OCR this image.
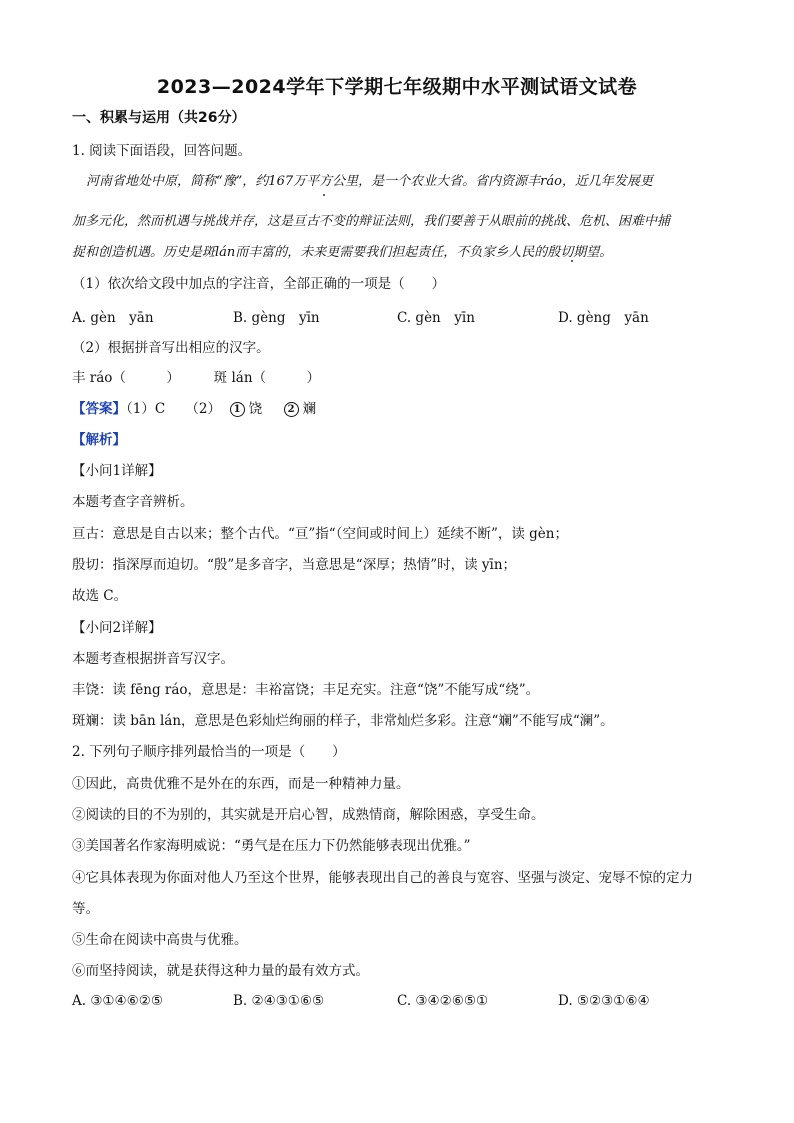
2023—2024学年下学期七年级期中水平测试语文试卷
一、积累与运用（共26分）
1. 阅读下面语段，回答问题。
河南省地处中原，简称“豫”，约167万平方公里，是一个农业大省。省内资源丰ráo，近几年发展更
加多元化，然而机遇与挑战并存，这是亘古不变的辩证法则，我们要善于从眼前的挑战、危机、困难中捕
捉和创造机遇。历史是斑lán而丰富的，未来更需要我们担起责任，不负家乡人民的殷切期望。
（1）依次给文段中加点的字注音，全部正确的一项是（　　）
A. gèn　yān	B. gèng　yīn	C. gèn　yīn	D. gèng　yān
（2）根据拼音写出相应的汉字。
丰 ráo（　　　）　　　斑 lán（　　　）
【答案】（1）C　　（2） 1 饶	2 斓
【解析】
【小问1详解】
本题考查字音辨析。
亘古：意思是自古以来；整个古代。“亘”指“（空间或时间上）延续不断”，读 gèn；
殷切：指深厚而迫切。“殷”是多音字，当意思是“深厚；热情”时，读 yīn；
故选 C。
【小问2详解】
本题考查根据拼音写汉字。
丰饶：读 fēng ráo，意思是：丰裕富饶；丰足充实。注意“饶”不能写成“绕”。
斑斓：读 bān lán，意思是色彩灿烂绚丽的样子，非常灿烂多彩。注意“斓”不能写成“澜”。
2. 下列句子顺序排列最恰当的一项是（　　）
①因此，高贵优雅不是外在的东西，而是一种精神力量。
②阅读的目的不为别的，其实就是开启心智，成熟情商，解除困惑，享受生命。
③美国著名作家海明威说：“勇气是在压力下仍然能够表现出优雅。”
④它具体表现为你面对他人乃至这个世界，能够表现出自己的善良与宽容、坚强与淡定、宠辱不惊的定力
等。
⑤生命在阅读中高贵与优雅。
⑥而坚持阅读，就是获得这种力量的最有效方式。
A. ③①④⑥②⑤	B. ②④③①⑥⑤	C. ③④②⑥⑤①	D. ⑤②③①⑥④
